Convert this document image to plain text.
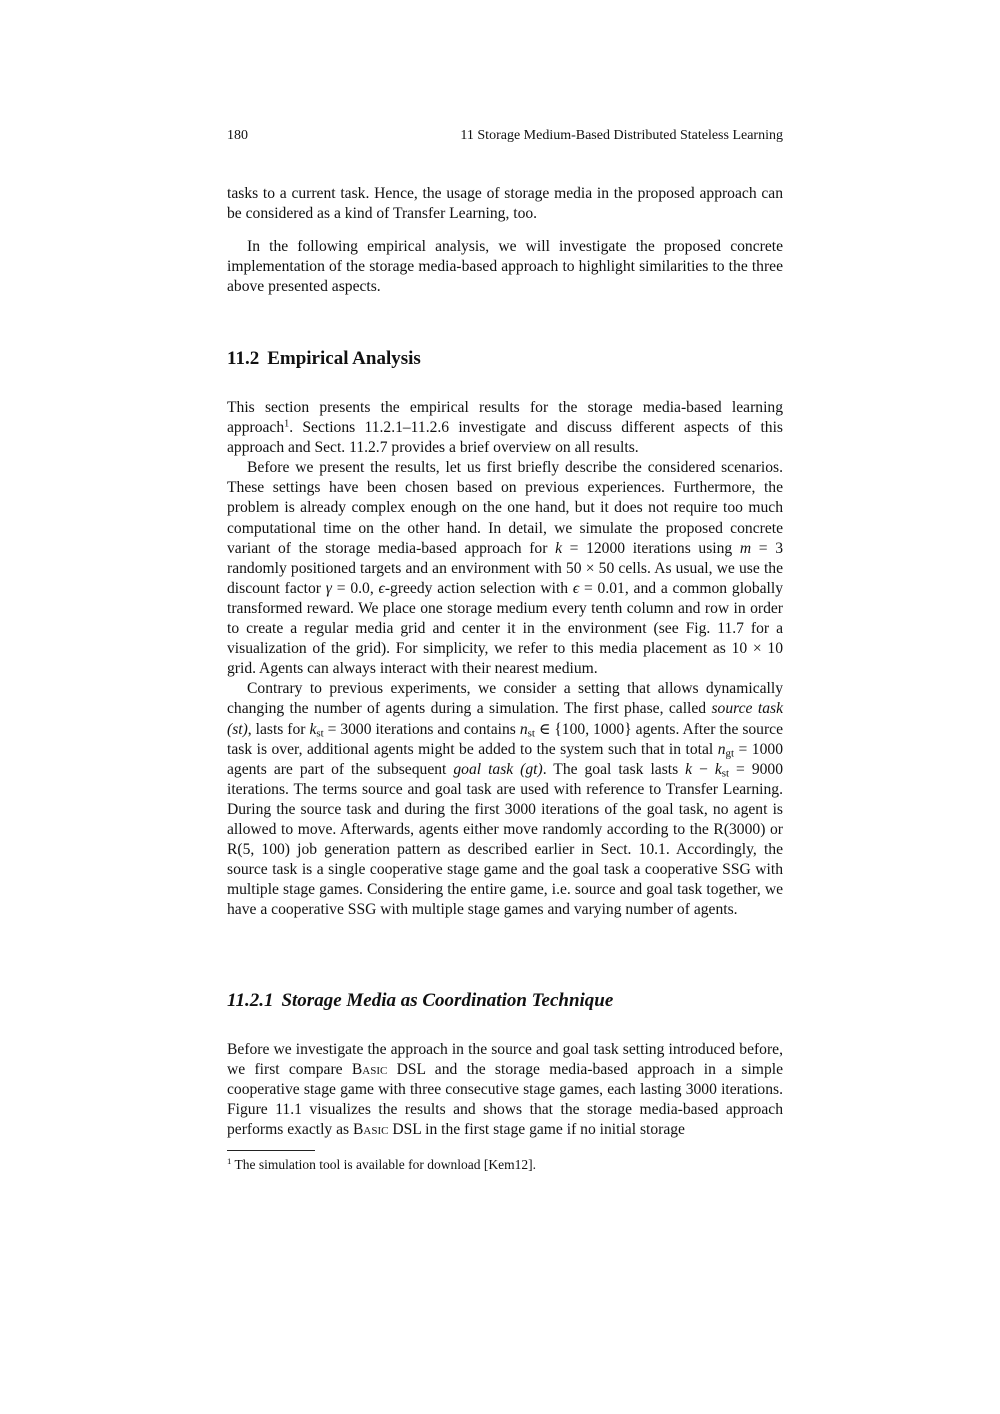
180	11 Storage Medium-Based Distributed Stateless Learning

tasks to a current task. Hence, the usage of storage media in the proposed approach can be considered as a kind of Transfer Learning, too.

In the following empirical analysis, we will investigate the proposed concrete implementation of the storage media-based approach to highlight similarities to the three above presented aspects.

11.2 Empirical Analysis

This section presents the empirical results for the storage media-based learning approach$^1$. Sections 11.2.1–11.2.6 investigate and discuss different aspects of this approach and Sect. 11.2.7 provides a brief overview on all results.

Before we present the results, let us first briefly describe the considered scenarios. These settings have been chosen based on previous experiences. Furthermore, the problem is already complex enough on the one hand, but it does not require too much computational time on the other hand. In detail, we simulate the proposed concrete variant of the storage media-based approach for k = 12000 iterations using m = 3 randomly positioned targets and an environment with 50 × 50 cells. As usual, we use the discount factor γ = 0.0, ϵ-greedy action selection with ϵ = 0.01, and a common globally transformed reward. We place one storage medium every tenth column and row in order to create a regular media grid and center it in the environment (see Fig. 11.7 for a visualization of the grid). For simplicity, we refer to this media placement as 10 × 10 grid. Agents can always interact with their nearest medium.

Contrary to previous experiments, we consider a setting that allows dynamically changing the number of agents during a simulation. The first phase, called source task (st), lasts for $k_{st} = 3000$ iterations and contains $n_{st}$ ∈ {100, 1000} agents. After the source task is over, additional agents might be added to the system such that in total $n_{gt} = 1000$ agents are part of the subsequent goal task (gt). The goal task lasts $k - k_{st} = 9000$ iterations. The terms source and goal task are used with reference to Transfer Learning. During the source task and during the first 3000 iterations of the goal task, no agent is allowed to move. Afterwards, agents either move randomly according to the R(3000) or R(5, 100) job generation pattern as described earlier in Sect. 10.1. Accordingly, the source task is a single cooperative stage game and the goal task a cooperative SSG with multiple stage games. Considering the entire game, i.e. source and goal task together, we have a cooperative SSG with multiple stage games and varying number of agents.

11.2.1 Storage Media as Coordination Technique

Before we investigate the approach in the source and goal task setting introduced before, we first compare Basic DSL and the storage media-based approach in a simple cooperative stage game with three consecutive stage games, each lasting 3000 iterations. Figure 11.1 visualizes the results and shows that the storage media-based approach performs exactly as Basic DSL in the first stage game if no initial storage

$^1$ The simulation tool is available for download [Kem12].
